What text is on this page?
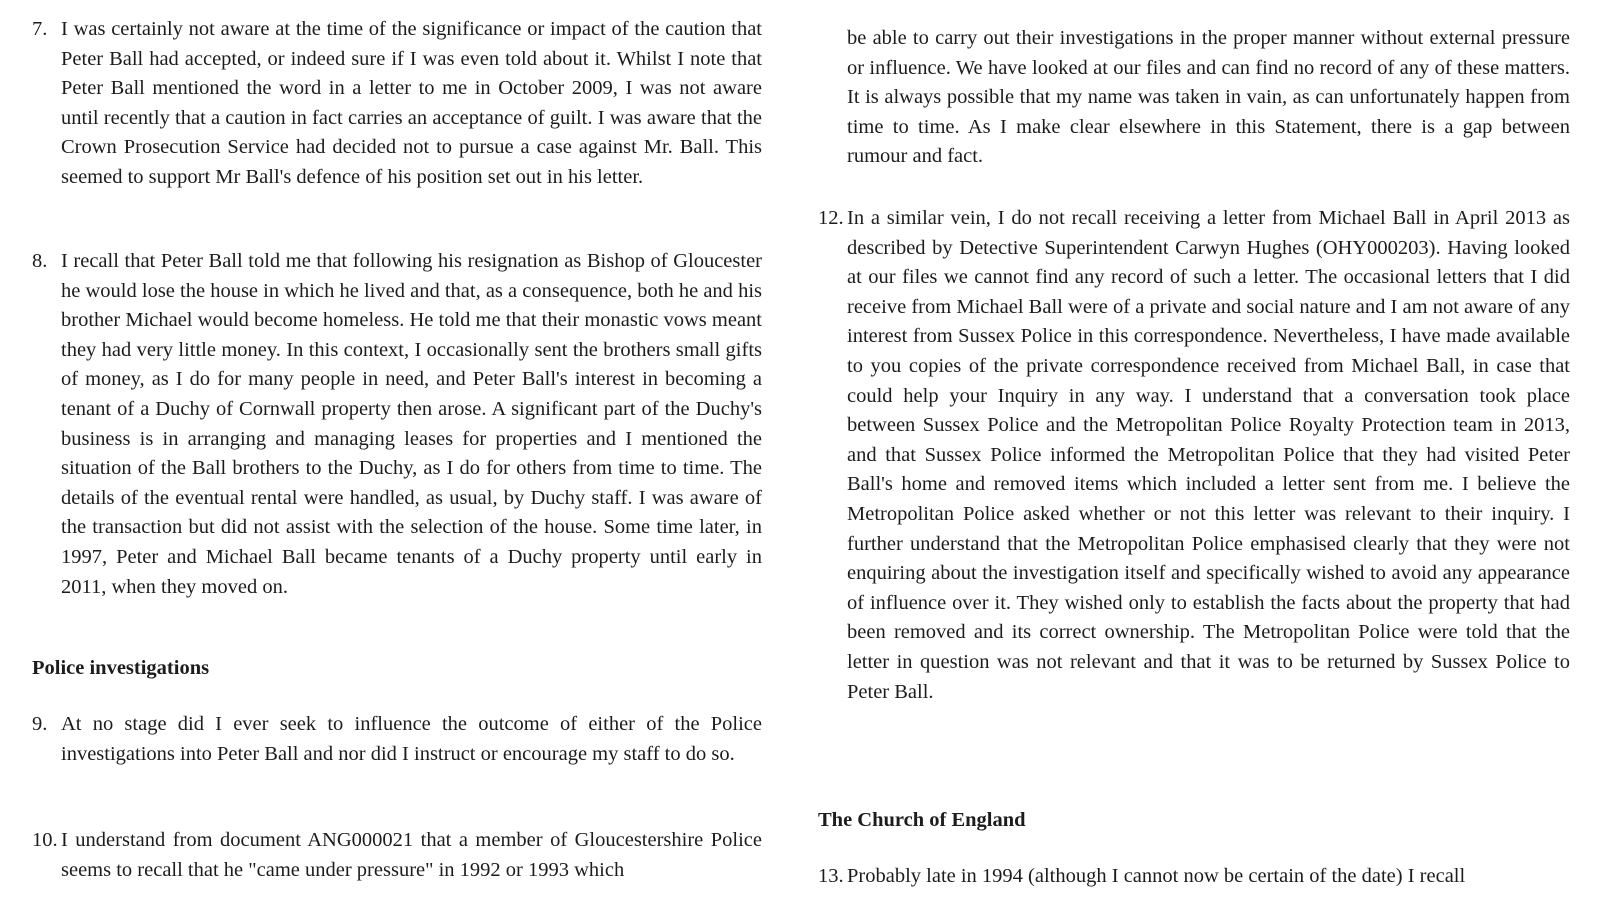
7. I was certainly not aware at the time of the significance or impact of the caution that Peter Ball had accepted, or indeed sure if I was even told about it. Whilst I note that Peter Ball mentioned the word in a letter to me in October 2009, I was not aware until recently that a caution in fact carries an acceptance of guilt. I was aware that the Crown Prosecution Service had decided not to pursue a case against Mr. Ball. This seemed to support Mr Ball's defence of his position set out in his letter.
8. I recall that Peter Ball told me that following his resignation as Bishop of Gloucester he would lose the house in which he lived and that, as a consequence, both he and his brother Michael would become homeless. He told me that their monastic vows meant they had very little money. In this context, I occasionally sent the brothers small gifts of money, as I do for many people in need, and Peter Ball's interest in becoming a tenant of a Duchy of Cornwall property then arose. A significant part of the Duchy's business is in arranging and managing leases for properties and I mentioned the situation of the Ball brothers to the Duchy, as I do for others from time to time. The details of the eventual rental were handled, as usual, by Duchy staff. I was aware of the transaction but did not assist with the selection of the house. Some time later, in 1997, Peter and Michael Ball became tenants of a Duchy property until early in 2011, when they moved on.
Police investigations
9. At no stage did I ever seek to influence the outcome of either of the Police investigations into Peter Ball and nor did I instruct or encourage my staff to do so.
10. I understand from document ANG000021 that a member of Gloucestershire Police seems to recall that he "came under pressure" in 1992 or 1993 which
be able to carry out their investigations in the proper manner without external pressure or influence. We have looked at our files and can find no record of any of these matters. It is always possible that my name was taken in vain, as can unfortunately happen from time to time. As I make clear elsewhere in this Statement, there is a gap between rumour and fact.
12. In a similar vein, I do not recall receiving a letter from Michael Ball in April 2013 as described by Detective Superintendent Carwyn Hughes (OHY000203). Having looked at our files we cannot find any record of such a letter. The occasional letters that I did receive from Michael Ball were of a private and social nature and I am not aware of any interest from Sussex Police in this correspondence. Nevertheless, I have made available to you copies of the private correspondence received from Michael Ball, in case that could help your Inquiry in any way. I understand that a conversation took place between Sussex Police and the Metropolitan Police Royalty Protection team in 2013, and that Sussex Police informed the Metropolitan Police that they had visited Peter Ball's home and removed items which included a letter sent from me. I believe the Metropolitan Police asked whether or not this letter was relevant to their inquiry. I further understand that the Metropolitan Police emphasised clearly that they were not enquiring about the investigation itself and specifically wished to avoid any appearance of influence over it. They wished only to establish the facts about the property that had been removed and its correct ownership. The Metropolitan Police were told that the letter in question was not relevant and that it was to be returned by Sussex Police to Peter Ball.
The Church of England
13. Probably late in 1994 (although I cannot now be certain of the date) I recall
